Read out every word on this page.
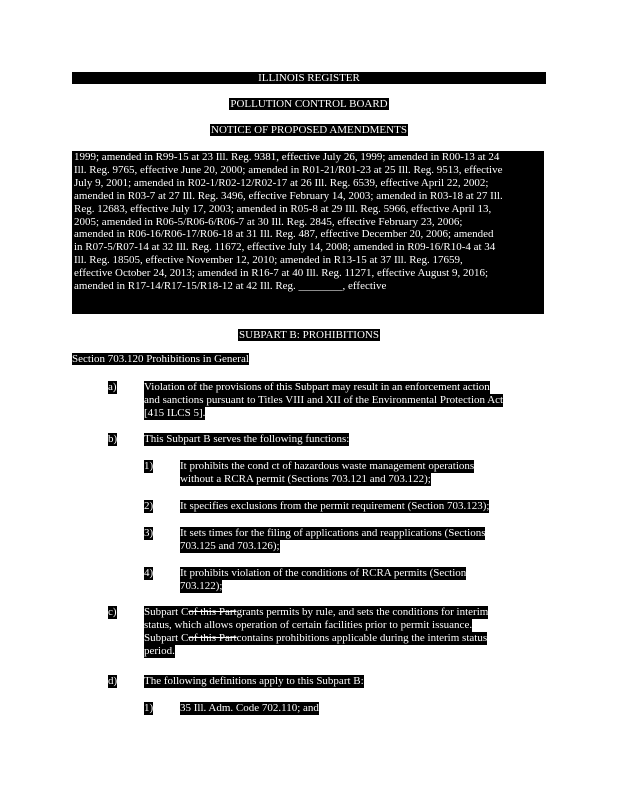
ILLINOIS REGISTER
POLLUTION CONTROL BOARD
NOTICE OF PROPOSED AMENDMENTS

1999; amended in R99-15 at 23 Ill. Reg. 9381, effective July 26, 1999; amended in R00-13 at 24

Ill. Reg. 9765, effective June 20, 2000; amended in R01-21/R01-23 at 25 Ill. Reg. 9513, effective

July 9, 2001; amended in R02-1/R02-12/R02-17 at 26 Ill. Reg. 6539, effective April 22, 2002;

amended in R03-7 at 27 Ill. Reg. 3496, effective February 14, 2003; amended in R03-18 at 27 Ill.

Reg. 12683, effective July 17, 2003; amended in R05-8 at 29 Ill. Reg. 5966, effective April 13,

2005; amended in R06-5/R06-6/R06-7 at 30 Ill. Reg. 2845, effective February 23, 2006;

amended in R06-16/R06-17/R06-18 at 31 Ill. Reg. 487, effective December 20, 2006; amended

in R07-5/R07-14 at 32 Ill. Reg. 11672, effective July 14, 2008; amended in R09-16/R10-4 at 34

Ill. Reg. 18505, effective November 12, 2010; amended in R13-15 at 37 Ill. Reg. 17659,

effective October 24, 2013; amended in R16-7 at 40 Ill. Reg. 11271, effective August 9, 2016;

amended in R17-14/R17-15/R18-12 at 42 Ill. Reg. ________, effective

SUBPART B: PROHIBITIONS
Section 703.120 Prohibitions in General
a) Violation of the provisions of this Subpart may result in an enforcement action

and sanctions pursuant to Titles VIII and XII of the Environmental Protection Act

[415 ILCS 5].

b) This Subpart B serves the following functions:

1) It prohibits the cond ct of hazardous waste management operations

without a RCRA permit (Sections 703.121 and 703.122);

2) It specifies exclusions from the permit requirement (Section 703.123);

3) It sets times for the filing of applications and reapplications (Sections

703.125 and 703.126);

4) It prohibits violation of the conditions of RCRA permits (Section

703.122);

c) Subpart Cof this Partgrants permits by rule, and sets the conditions for interim

status, which allows operation of certain facilities prior to permit issuance.

Subpart Cof this Partcontains prohibitions applicable during the interim status

period.

d) The following definitions apply to this Subpart B:

1) 35 Ill. Adm. Code 702.110; and
